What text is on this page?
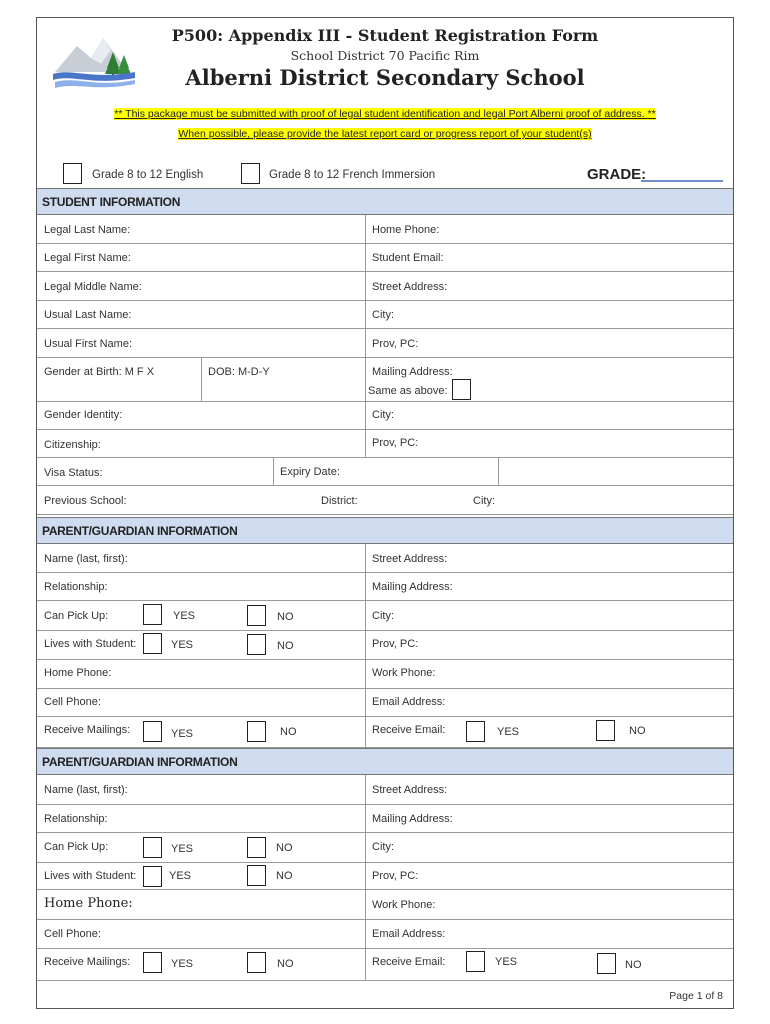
P500: Appendix III - Student Registration Form
School District 70 Pacific Rim
Alberni District Secondary School
** This package must be submitted with proof of legal student identification and legal Port Alberni proof of address. **
When possible, please provide the latest report card or progress report of your student(s)
Grade 8 to 12 English	Grade 8 to 12 French Immersion	GRADE:
STUDENT INFORMATION
Legal Last Name:	Home Phone:
Legal First Name:	Student Email:
Legal Middle Name:	Street Address:
Usual Last Name:	City:
Usual First Name:	Prov, PC:
Gender at Birth: M F X	DOB: M-D-Y	Mailing Address:
Same as above:
Gender Identity:	City:
Citizenship:	Prov, PC:
Visa Status:	Expiry Date:
Previous School:	District:	City:
PARENT/GUARDIAN INFORMATION
Name (last, first):	Street Address:
Relationship:	Mailing Address:
Can Pick Up:	YES	NO	City:
Lives with Student:	YES	NO	Prov, PC:
Home Phone:	Work Phone:
Cell Phone:	Email Address:
Receive Mailings:	YES	NO	Receive Email:	YES	NO
PARENT/GUARDIAN INFORMATION
Name (last, first):	Street Address:
Relationship:	Mailing Address:
Can Pick Up:	YES	NO	City:
Lives with Student:	YES	NO	Prov, PC:
Home Phone:	Work Phone:
Cell Phone:	Email Address:
Receive Mailings:	YES	NO	Receive Email:	YES	NO
Page 1 of 8
